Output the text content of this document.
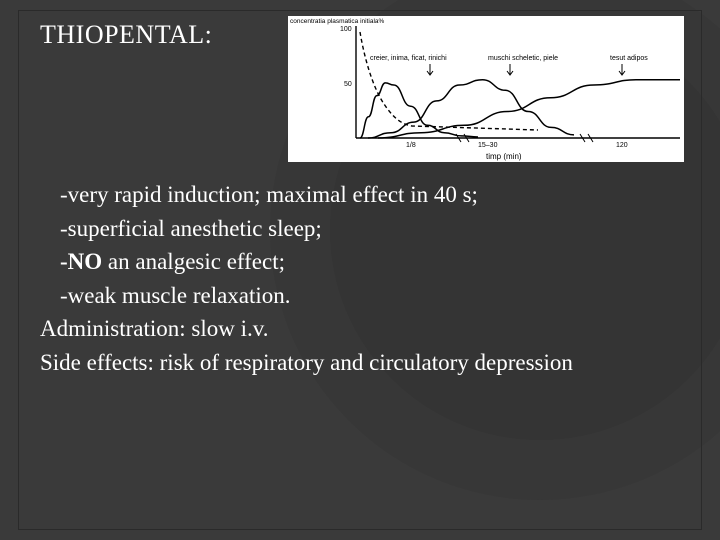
THIOPENTAL:	concentratia plasmatica initiala%
100
50
1/8	15–30	120
timp (min)
creier, inima, ficat, rinichi	muschi scheletic, piele	tesut adipos

-very rapid induction; maximal effect in 40 s;

-superficial anesthetic sleep;

-NO an analgesic effect;

-weak muscle relaxation.

Administration: slow i.v.

Side effects: risk of respiratory and circulatory depression
